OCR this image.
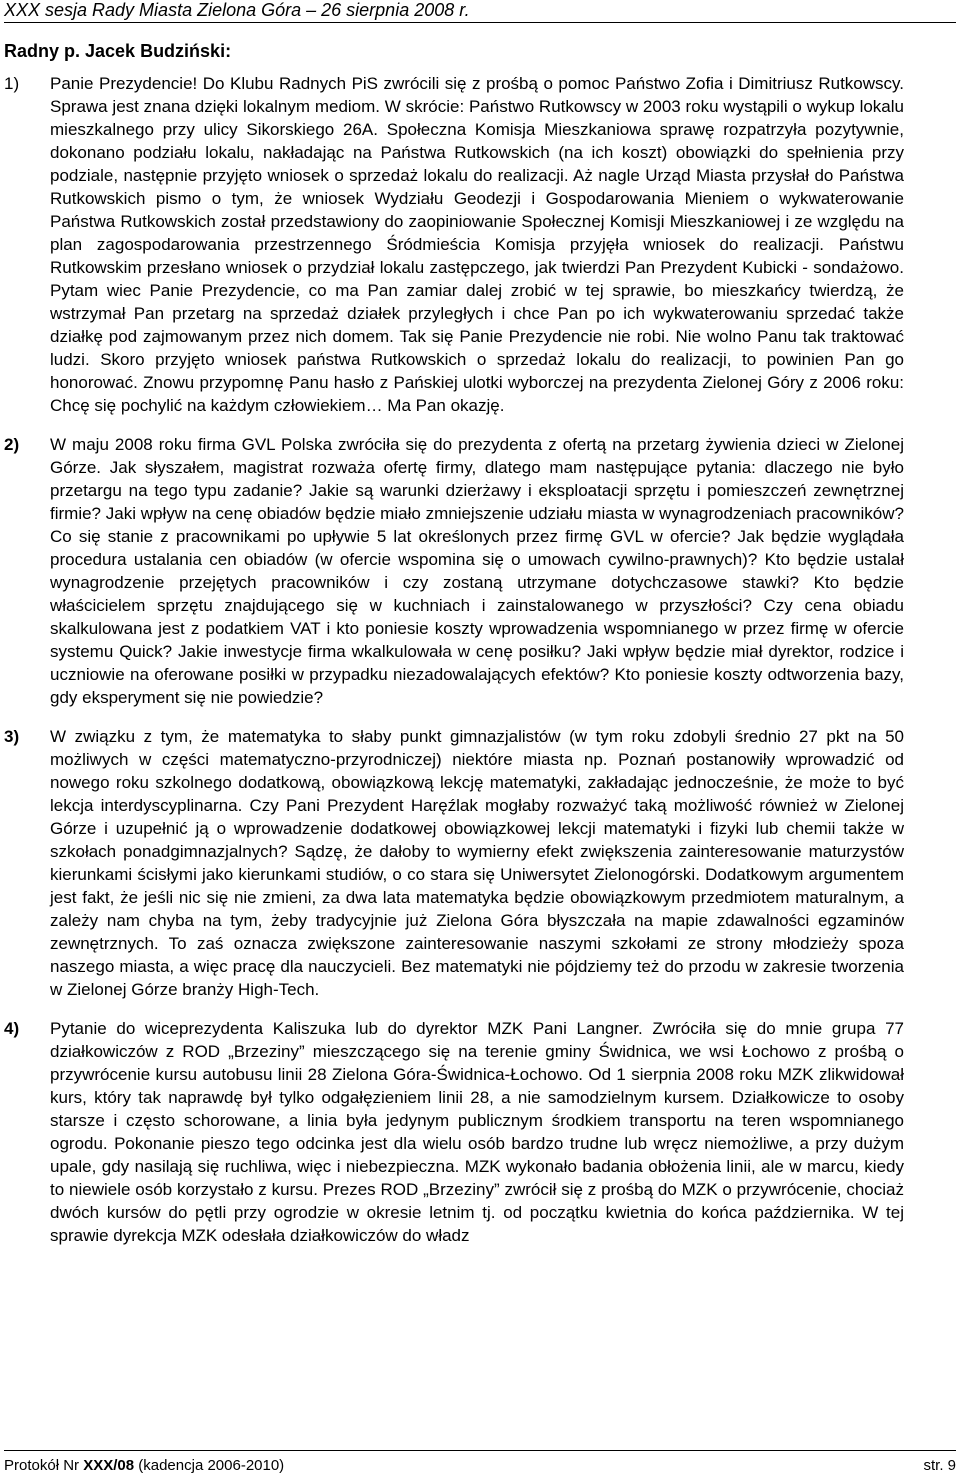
XXX sesja Rady Miasta Zielona Góra – 26 sierpnia 2008 r.
Radny p. Jacek Budziński:
1)	Panie Prezydencie! Do Klubu Radnych PiS zwrócili się z prośbą o pomoc Państwo Zofia i Dimitriusz Rutkowscy. Sprawa jest znana dzięki lokalnym mediom. W skrócie: Państwo Rutkowscy w 2003 roku wystąpili o wykup lokalu mieszkalnego przy ulicy Sikorskiego 26A. Społeczna Komisja Mieszkaniowa sprawę rozpatrzyła pozytywnie, dokonano podziału lokalu, nakładając na Państwa Rutkowskich (na ich koszt) obowiązki do spełnienia przy podziale, następnie przyjęto wniosek o sprzedaż lokalu do realizacji. Aż nagle Urząd Miasta przysłał do Państwa Rutkowskich pismo o tym, że wniosek Wydziału Geodezji i Gospodarowania Mieniem o wykwaterowanie Państwa Rutkowskich został przedstawiony do zaopiniowanie Społecznej Komisji Mieszkaniowej i ze względu na plan zagospodarowania przestrzennego Śródmieścia Komisja przyjęła wniosek do realizacji. Państwu Rutkowskim przesłano wniosek o przydział lokalu zastępczego, jak twierdzi Pan Prezydent Kubicki - sondażowo. Pytam wiec Panie Prezydencie, co ma Pan zamiar dalej zrobić w tej sprawie, bo mieszkańcy twierdzą, że wstrzymał Pan przetarg na sprzedaż działek przyległych i chce Pan po ich wykwaterowaniu sprzedać także działkę pod zajmowanym przez nich domem. Tak się Panie Prezydencie nie robi. Nie wolno Panu tak traktować ludzi. Skoro przyjęto wniosek państwa Rutkowskich o sprzedaż lokalu do realizacji, to powinien Pan go honorować. Znowu przypomnę Panu hasło z Pańskiej ulotki wyborczej na prezydenta Zielonej Góry z 2006 roku: Chcę się pochylić na każdym człowiekiem… Ma Pan okazję.

2)	W maju 2008 roku firma GVL Polska zwróciła się do prezydenta z ofertą na przetarg żywienia dzieci w Zielonej Górze. Jak słyszałem, magistrat rozważa ofertę firmy, dlatego mam następujące pytania: dlaczego nie było przetargu na tego typu zadanie? Jakie są warunki dzierżawy i eksploatacji sprzętu i pomieszczeń zewnętrznej firmie? Jaki wpływ na cenę obiadów będzie miało zmniejszenie udziału miasta w wynagrodzeniach pracowników? Co się stanie z pracownikami po upływie 5 lat określonych przez firmę GVL w ofercie? Jak będzie wyglądała procedura ustalania cen obiadów (w ofercie wspomina się o umowach cywilno-prawnych)? Kto będzie ustalał wynagrodzenie przejętych pracowników i czy zostaną utrzymane dotychczasowe stawki? Kto będzie właścicielem sprzętu znajdującego się w kuchniach i zainstalowanego w przyszłości? Czy cena obiadu skalkulowana jest z podatkiem VAT i kto poniesie koszty wprowadzenia wspomnianego w przez firmę w ofercie systemu Quick? Jakie inwestycje firma wkalkulowała w cenę posiłku? Jaki wpływ będzie miał dyrektor, rodzice i uczniowie na oferowane posiłki w przypadku niezadowalających efektów? Kto poniesie koszty odtworzenia bazy, gdy eksperyment się nie powiedzie?

3)	W związku z tym, że matematyka to słaby punkt gimnazjalistów (w tym roku zdobyli średnio 27 pkt na 50 możliwych w części matematyczno-przyrodniczej) niektóre miasta np. Poznań postanowiły wprowadzić od nowego roku szkolnego dodatkową, obowiązkową lekcję matematyki, zakładając jednocześnie, że może to być lekcja interdyscyplinarna. Czy Pani Prezydent Haręźlak mogłaby rozważyć taką możliwość również w Zielonej Górze i uzupełnić ją o wprowadzenie dodatkowej obowiązkowej lekcji matematyki i fizyki lub chemii także w szkołach ponadgimnazjalnych? Sądzę, że dałoby to wymierny efekt zwiększenia zainteresowanie maturzystów kierunkami ścisłymi jako kierunkami studiów, o co stara się Uniwersytet Zielonogórski. Dodatkowym argumentem jest fakt, że jeśli nic się nie zmieni, za dwa lata matematyka będzie obowiązkowym przedmiotem maturalnym, a zależy nam chyba na tym, żeby tradycyjnie już Zielona Góra błyszczała na mapie zdawalności egzaminów zewnętrznych. To zaś oznacza zwiększone zainteresowanie naszymi szkołami ze strony młodzieży spoza naszego miasta, a więc pracę dla nauczycieli. Bez matematyki nie pójdziemy też do przodu w zakresie tworzenia w Zielonej Górze branży High-Tech.

4)	Pytanie do wiceprezydenta Kaliszuka lub do dyrektor MZK Pani Langner. Zwróciła się do mnie grupa 77 działkowiczów z ROD „Brzeziny” mieszczącego się na terenie gminy Świdnica, we wsi Łochowo z prośbą o przywrócenie kursu autobusu linii 28 Zielona Góra-Świdnica-Łochowo. Od 1 sierpnia 2008 roku MZK zlikwidował kurs, który tak naprawdę był tylko odgałęzieniem linii 28, a nie samodzielnym kursem. Działkowicze to osoby starsze i często schorowane, a linia była jedynym publicznym środkiem transportu na teren wspomnianego ogrodu. Pokonanie pieszo tego odcinka jest dla wielu osób bardzo trudne lub wręcz niemożliwe, a przy dużym upale, gdy nasilają się ruchliwa, więc i niebezpieczna. MZK wykonało badania obłożenia linii, ale w marcu, kiedy to niewiele osób korzystało z kursu. Prezes ROD „Brzeziny” zwrócił się z prośbą do MZK o przywrócenie, chociaż dwóch kursów do pętli przy ogrodzie w okresie letnim tj. od początku kwietnia do końca października. W tej sprawie dyrekcja MZK odesłała działkowiczów do władz

Protokół Nr XXX/08 (kadencja 2006-2010)	str. 9
